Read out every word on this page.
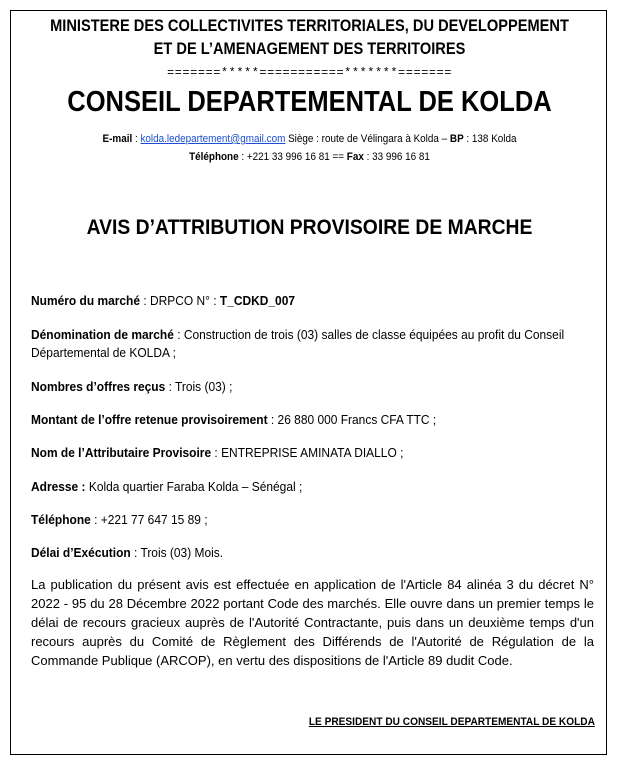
MINISTERE DES COLLECTIVITES TERRITORIALES, DU DEVELOPPEMENT
ET DE L’AMENAGEMENT DES TERRITOIRES
=======*****===========*******=======
CONSEIL DEPARTEMENTAL DE KOLDA
E-mail : kolda.ledepartement@gmail.com Siège : route de Vélingara à Kolda – BP : 138 Kolda
Téléphone : +221 33 996 16 81 == Fax : 33 996 16 81
AVIS D’ATTRIBUTION PROVISOIRE DE MARCHE
Numéro du marché : DRPCO N° : T_CDKD_007
Dénomination de marché : Construction de trois (03) salles de classe équipées au profit du Conseil
Départemental de KOLDA ;
Nombres d’offres reçus : Trois (03) ;
Montant de l’offre retenue provisoirement : 26 880 000 Francs CFA TTC ;
Nom de l’Attributaire Provisoire : ENTREPRISE AMINATA DIALLO ;
Adresse : Kolda quartier Faraba Kolda – Sénégal ;
Téléphone : +221 77 647 15 89 ;
Délai d’Exécution : Trois (03) Mois.
La publication du présent avis est effectuée en application de l'Article 84 alinéa 3 du décret N° 2022 - 95 du 28 Décembre 2022 portant Code des marchés. Elle ouvre dans un premier temps le délai de recours gracieux auprès de l'Autorité Contractante, puis dans un deuxième temps d'un recours auprès du Comité de Règlement des Différends de l'Autorité de Régulation de la Commande Publique (ARCOP), en vertu des dispositions de l'Article 89 dudit Code.
LE PRESIDENT DU CONSEIL DEPARTEMENTAL DE KOLDA
